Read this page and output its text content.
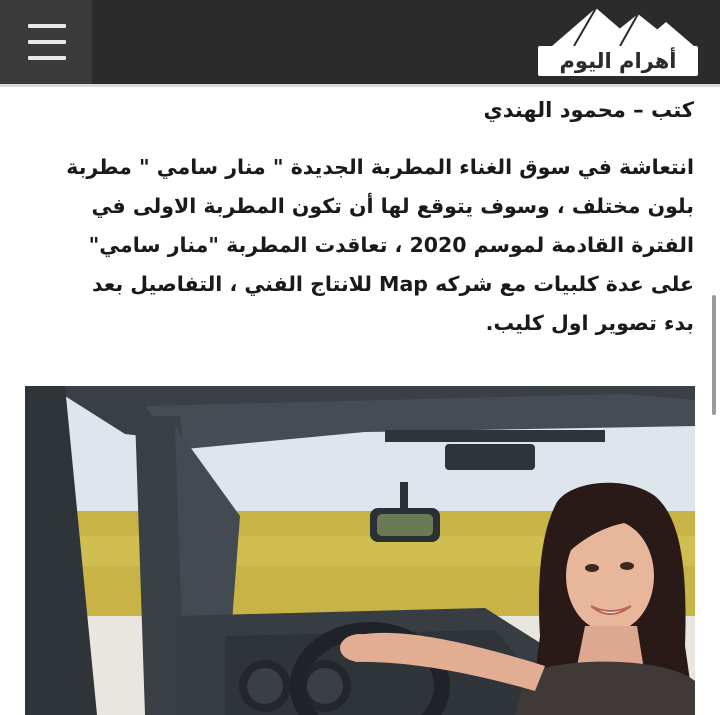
أهرام اليوم

كتب – محمود الهندي

انتعاشة في سوق الغناء المطربة الجديدة " منار سامي " مطربة بلون مختلف ، وسوف يتوقع لها أن تكون المطربة الاولى في الفترة القادمة لموسم 2020 ، تعاقدت المطربة "منار سامي" على عدة كلبيات مع شركه Map للانتاج الفني ، التفاصيل بعد بدء تصوير اول كليب.
